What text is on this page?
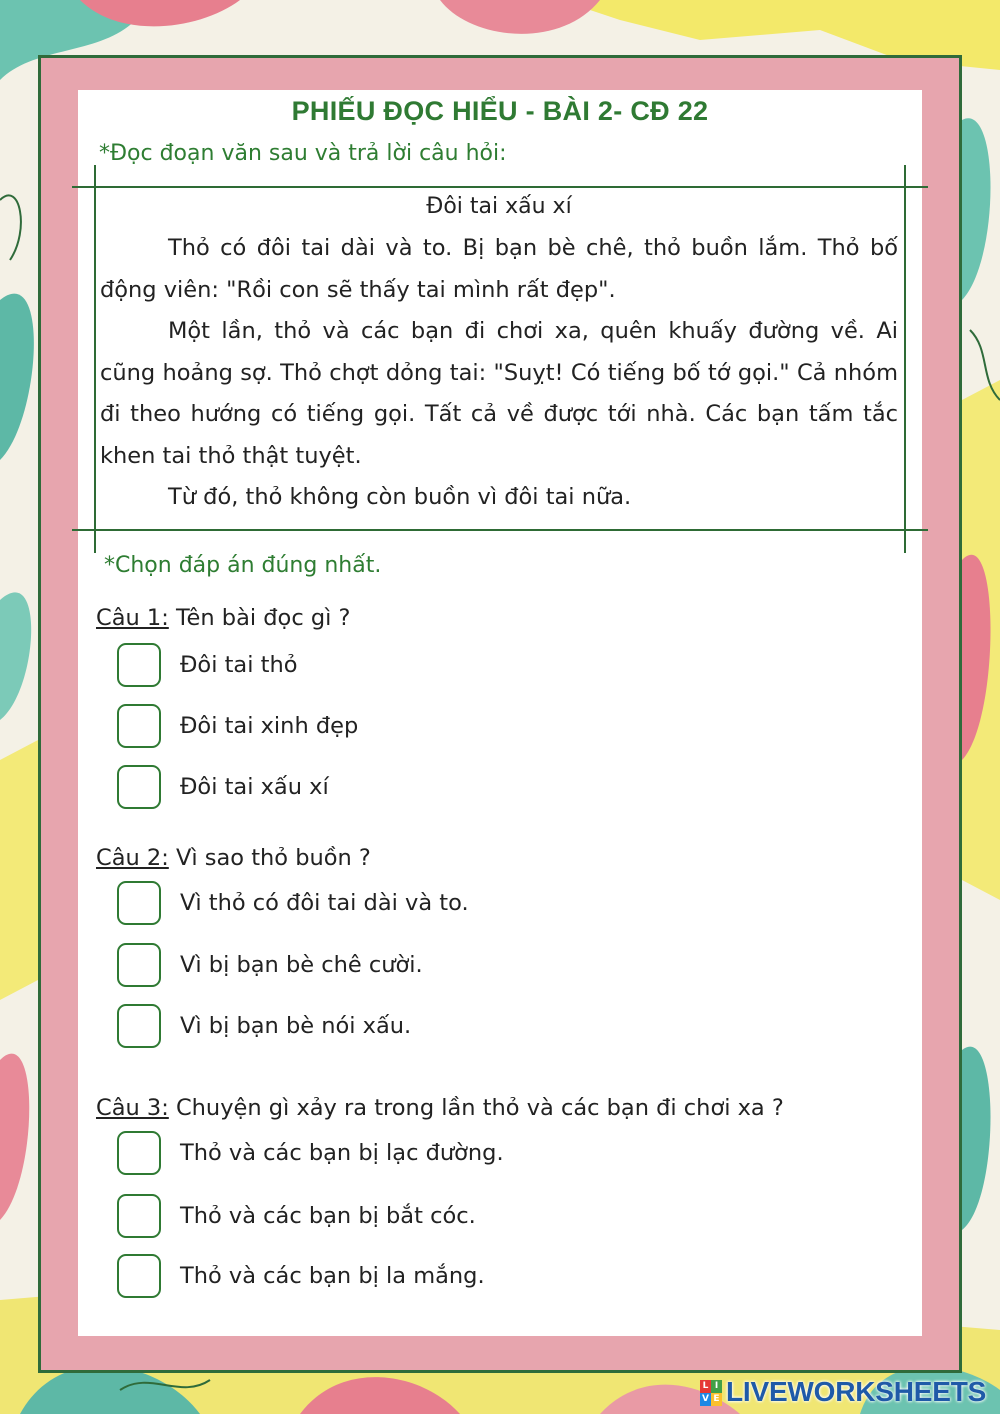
PHIẾU ĐỌC HIỂU - BÀI 2- CĐ 22
*Đọc đoạn văn sau và trả lời câu hỏi:
Đôi tai xấu xí

Thỏ có đôi tai dài và to. Bị bạn bè chê, thỏ buồn lắm. Thỏ bố động viên: "Rồi con sẽ thấy tai mình rất đẹp".

Một lần, thỏ và các bạn đi chơi xa, quên khuấy đường về. Ai cũng hoảng sợ. Thỏ chợt dỏng tai: "Suỵt! Có tiếng bố tớ gọi." Cả nhóm đi theo hướng có tiếng gọi. Tất cả về được tới nhà. Các bạn tấm tắc khen tai thỏ thật tuyệt.

Từ đó, thỏ không còn buồn vì đôi tai nữa.

*Chọn đáp án đúng nhất.
Câu 1: Tên bài đọc gì ?
Đôi tai thỏ
Đôi tai xinh đẹp
Đôi tai xấu xí
Câu 2: Vì sao thỏ buồn ?
Vì thỏ có đôi tai dài và to.
Vì bị bạn bè chê cười.
Vì bị bạn bè nói xấu.
Câu 3: Chuyện gì xảy ra trong lần thỏ và các bạn đi chơi xa ?
Thỏ và các bạn bị lạc đường.
Thỏ và các bạn bị bắt cóc.
Thỏ và các bạn bị la mắng.
L I
V E LIVEWORKSHEETS
